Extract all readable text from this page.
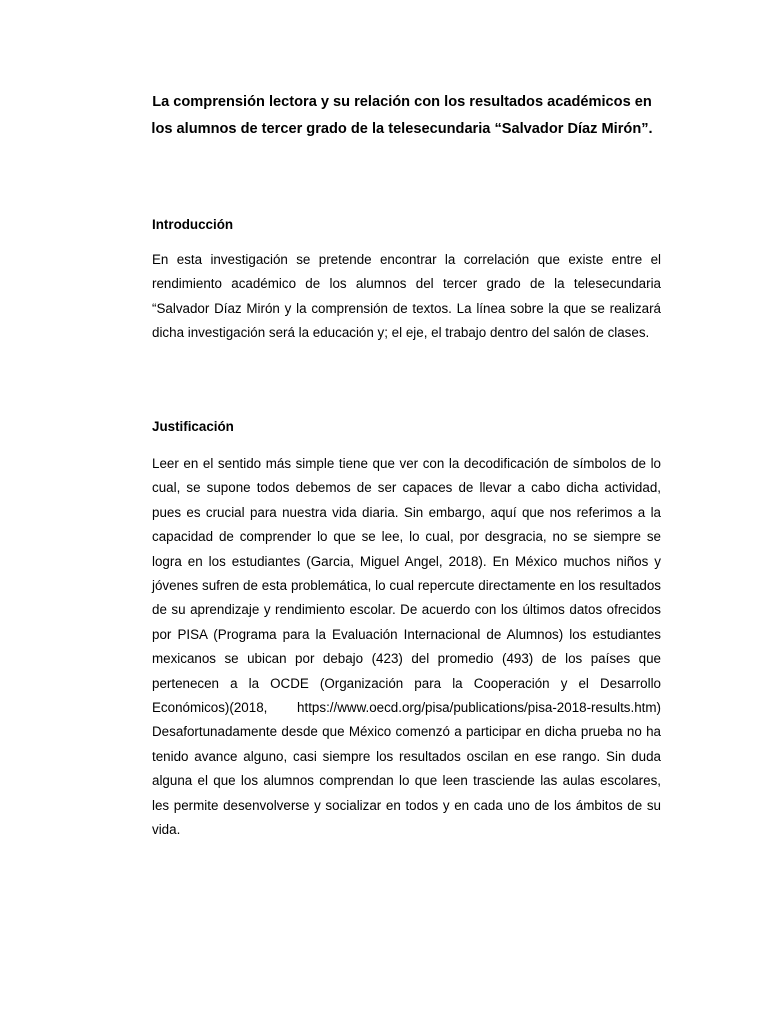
La comprensión lectora y su relación con los resultados académicos en los alumnos de tercer grado de la telesecundaria “Salvador Díaz Mirón”.
Introducción

En esta investigación se pretende encontrar la correlación que existe entre el rendimiento académico de los alumnos del tercer grado de la telesecundaria “Salvador Díaz Mirón y la comprensión de textos. La línea sobre la que se realizará dicha investigación será la educación y; el eje, el trabajo dentro del salón de clases.

Justificación

Leer en el sentido más simple tiene que ver con la decodificación de símbolos de lo cual, se supone todos debemos de ser capaces de llevar a cabo dicha actividad, pues es crucial para nuestra vida diaria. Sin embargo, aquí que nos referimos a la capacidad de comprender lo que se lee, lo cual, por desgracia, no se siempre se logra en los estudiantes (Garcia, Miguel Angel, 2018). En México muchos niños y jóvenes sufren de esta problemática, lo cual repercute directamente en los resultados de su aprendizaje y rendimiento escolar. De acuerdo con los últimos datos ofrecidos por PISA (Programa para la Evaluación Internacional de Alumnos) los estudiantes mexicanos se ubican por debajo (423) del promedio (493) de los países que pertenecen a la OCDE (Organización para la Cooperación y el Desarrollo Económicos)(2018, https://www.oecd.org/pisa/publications/pisa-2018-results.htm) Desafortunadamente desde que México comenzó a participar en dicha prueba no ha tenido avance alguno, casi siempre los resultados oscilan en ese rango. Sin duda alguna el que los alumnos comprendan lo que leen trasciende las aulas escolares, les permite desenvolverse y socializar en todos y en cada uno de los ámbitos de su vida.
